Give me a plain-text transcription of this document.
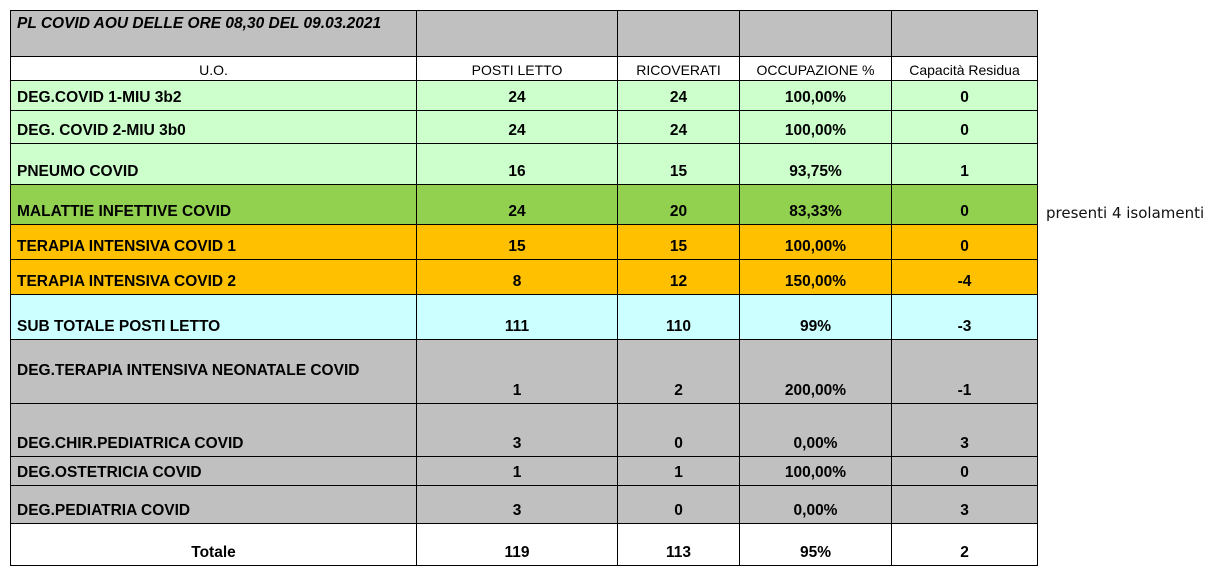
PL COVID AOU DELLE ORE 08,30 DEL 09.03.2021				
U.O.	POSTI LETTO	RICOVERATI	OCCUPAZIONE %	Capacità Residua
DEG.COVID 1-MIU 3b2	24	24	100,00%	0
DEG. COVID 2-MIU 3b0	24	24	100,00%	0
PNEUMO COVID	16	15	93,75%	1
MALATTIE INFETTIVE COVID	24	20	83,33%	0
TERAPIA INTENSIVA COVID 1	15	15	100,00%	0
TERAPIA INTENSIVA COVID 2	8	12	150,00%	-4
SUB TOTALE POSTI LETTO	111	110	99%	-3
DEG.TERAPIA INTENSIVA NEONATALE COVID	1	2	200,00%	-1
DEG.CHIR.PEDIATRICA COVID	3	0	0,00%	3
DEG.OSTETRICIA COVID	1	1	100,00%	0
DEG.PEDIATRIA COVID	3	0	0,00%	3
Totale	119	113	95%	2
presenti 4 isolamenti
